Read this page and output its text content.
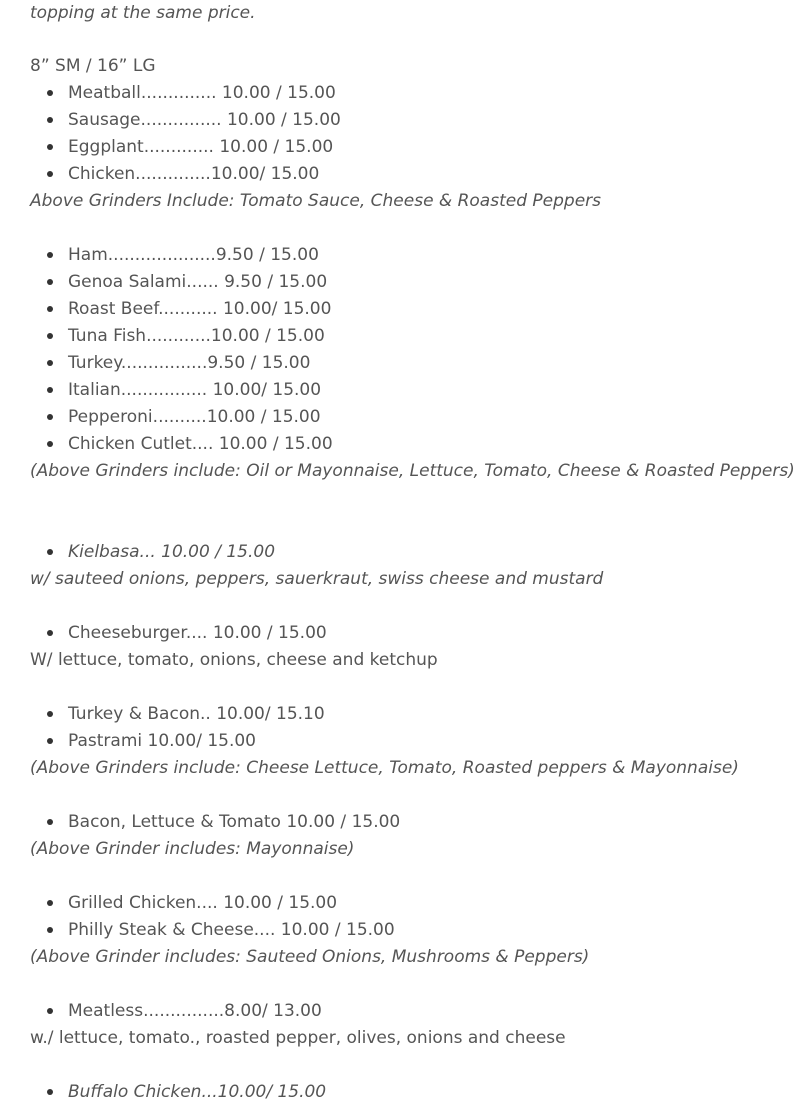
topping at the same price.
8” SM / 16” LG
Meatball.............. 10.00 / 15.00
Sausage............... 10.00 / 15.00
Eggplant............. 10.00 / 15.00
Chicken..............10.00/ 15.00
Above Grinders Include: Tomato Sauce, Cheese & Roasted Peppers
Ham....................9.50 / 15.00
Genoa Salami...... 9.50 / 15.00
Roast Beef........... 10.00/ 15.00
Tuna Fish............10.00 / 15.00
Turkey................9.50 / 15.00
Italian................ 10.00/ 15.00
Pepperoni..........10.00 / 15.00
Chicken Cutlet.... 10.00 / 15.00
(Above Grinders include: Oil or Mayonnaise, Lettuce, Tomato, Cheese & Roasted Peppers)
Kielbasa... 10.00 / 15.00
w/ sauteed onions, peppers, sauerkraut, swiss cheese and mustard
Cheeseburger.... 10.00 / 15.00
W/ lettuce, tomato, onions, cheese and ketchup
Turkey & Bacon.. 10.00/ 15.10
Pastrami 10.00/ 15.00
(Above Grinders include: Cheese Lettuce, Tomato, Roasted peppers & Mayonnaise)
Bacon, Lettuce & Tomato 10.00 / 15.00
(Above Grinder includes: Mayonnaise)
Grilled Chicken.... 10.00 / 15.00
Philly Steak & Cheese.... 10.00 / 15.00
(Above Grinder includes: Sauteed Onions, Mushrooms & Peppers)
Meatless...............8.00/ 13.00
w./ lettuce, tomato., roasted pepper, olives, onions and cheese
Buffalo Chicken...10.00/ 15.00
